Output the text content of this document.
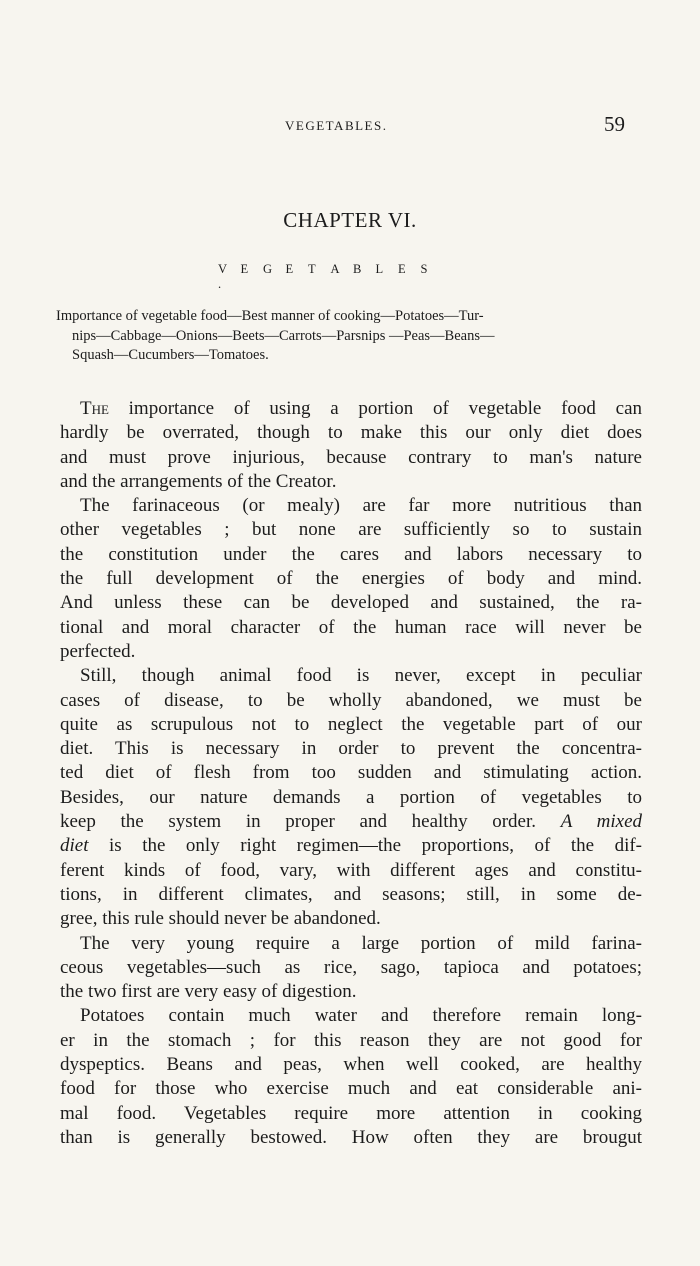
VEGETABLES.	59
CHAPTER VI.
V E G E T A B L E S.
Importance of vegetable food—Best manner of cooking—Potatoes—Tur-
nips—Cabbage—Onions—Beets—Carrots—Parsnips —Peas—Beans—
Squash—Cucumbers—Tomatoes.
The importance of using a portion of vegetable food can
hardly be overrated, though to make this our only diet does
and must prove injurious, because contrary to man's nature
and the arrangements of the Creator.
The farinaceous (or mealy) are far more nutritious than
other vegetables ; but none are sufficiently so to sustain
the constitution under the cares and labors necessary to
the full development of the energies of body and mind.
And unless these can be developed and sustained, the ra-
tional and moral character of the human race will never be
perfected.
Still, though animal food is never, except in peculiar
cases of disease, to be wholly abandoned, we must be
quite as scrupulous not to neglect the vegetable part of our
diet. This is necessary in order to prevent the concentra-
ted diet of flesh from too sudden and stimulating action.
Besides, our nature demands a portion of vegetables to
keep the system in proper and healthy order. A mixed
diet is the only right regimen—the proportions, of the dif-
ferent kinds of food, vary, with different ages and constitu-
tions, in different climates, and seasons; still, in some de-
gree, this rule should never be abandoned.
The very young require a large portion of mild farina-
ceous vegetables—such as rice, sago, tapioca and potatoes;
the two first are very easy of digestion.
Potatoes contain much water and therefore remain long-
er in the stomach ; for this reason they are not good for
dyspeptics. Beans and peas, when well cooked, are healthy
food for those who exercise much and eat considerable ani-
mal food. Vegetables require more attention in cooking
than is generally bestowed. How often they are brougut
